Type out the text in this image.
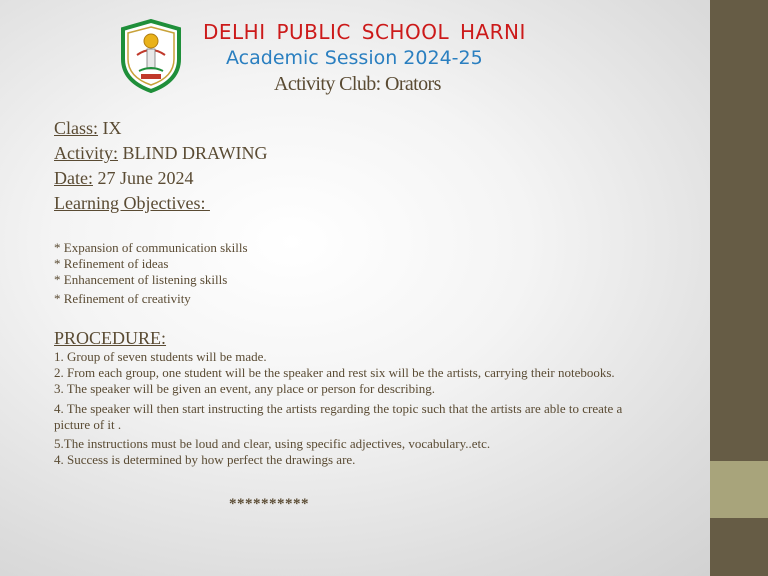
DELHI PUBLIC SCHOOL HARNI
Academic Session 2024-25
Activity Club: Orators
Class: IX
Activity: BLIND DRAWING
Date: 27 June 2024
Learning Objectives:
* Expansion of communication skills
* Refinement of ideas
* Enhancement of listening skills
* Refinement of creativity
PROCEDURE:
1. Group of seven students will be made.
2. From each group, one student will be the speaker and rest six will be the artists, carrying their notebooks.
3. The speaker will be given an event, any place or person for describing.
4. The speaker will then start instructing the artists regarding the topic such that the artists are able to create a picture of it .
5.The instructions must be loud and clear, using specific adjectives, vocabulary..etc.
4. Success is determined by how perfect the drawings are.
**********
